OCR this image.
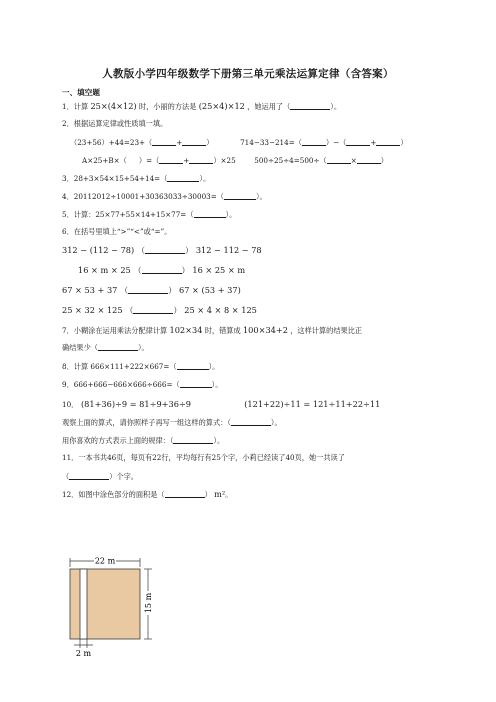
人教版小学四年级数学下册第三单元乘法运算定律（含答案）
一、填空题
1．计算 25×(4×12) 时，小丽的方法是 (25×4)×12 ，她运用了（	）。
2．根据运算定律或性质填一填。
（23+56）+44=23+（	+	）	714−33−214=（	）−（	+	）
A×25+B×（ ）=（	+	）×25	500÷25÷4=500÷（	×	）
3．28+3×54×15+54+14=（	）。
4．20112012÷10001+30363033÷30003=（	）。
5．计算：25×77+55×14+15×77=（	）。
6．在括号里填上“>”“<”或“=”。
312 − (112 − 78) （	） 312 − 112 − 78
16 × m × 25 （	） 16 × 25 × m
67 × 53 + 37 （	） 67 × (53 + 37)
25 × 32 × 125 （	） 25 × 4 × 8 × 125
7．小糊涂在运用乘法分配律计算 102×34 时，错算成 100×34+2 ，这样计算的结果比正
确结果少（	）。
8．计算 666×111+222×667=（	）。
9．666+666−666×666÷666=（	）。
10． (81+36)÷9 = 81÷9+36÷9	(121+22)÷11 = 121÷11+22÷11
观察上面的算式，请你照样子再写一组这样的算式：（	）。
用你喜欢的方式表示上面的规律：（	）。
11．一本书共46页，每页有22行，平均每行有25个字，小莉已经读了40页，她一共读了
（	）个字。
12．如图中涂色部分的面积是（	） m²。
22 m
15 m
2 m
